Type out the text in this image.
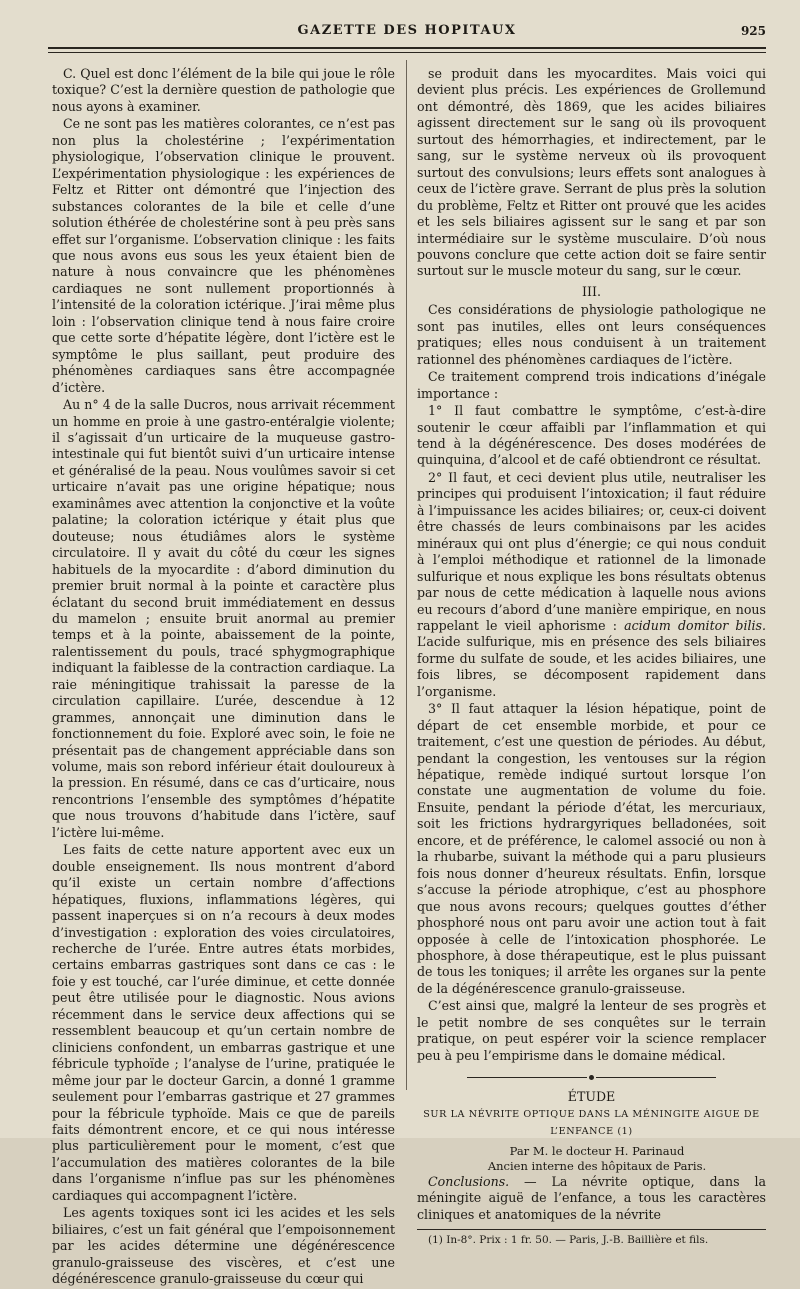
GAZETTE DES HOPITAUX	925

C. Quel est donc l’élément de la bile qui joue le rôle toxique? C’est la dernière question de pathologie que nous ayons à examiner.

Ce ne sont pas les matières colorantes, ce n’est pas non plus la cholestérine ; l’expérimentation physiologique, l’observation clinique le prouvent. L’expérimentation physiologique : les expériences de Feltz et Ritter ont démontré que l’injection des substances colorantes de la bile et celle d’une solution éthérée de cholestérine sont à peu près sans effet sur l’organisme. L’observation clinique : les faits que nous avons eus sous les yeux étaient bien de nature à nous convaincre que les phénomènes cardiaques ne sont nullement proportionnés à l’intensité de la coloration ictérique. J’irai même plus loin : l’observation clinique tend à nous faire croire que cette sorte d’hépatite légère, dont l’ictère est le symptôme le plus saillant, peut produire des phénomènes cardiaques sans être accompagnée d’ictère.

Au n° 4 de la salle Ducros, nous arrivait récemment un homme en proie à une gastro-entéralgie violente; il s’agissait d’un urticaire de la muqueuse gastro-intestinale qui fut bientôt suivi d’un urticaire intense et généralisé de la peau. Nous voulûmes savoir si cet urticaire n’avait pas une origine hépatique; nous examinâmes avec attention la conjonctive et la voûte palatine; la coloration ictérique y était plus que douteuse; nous étudiâmes alors le système circulatoire. Il y avait du côté du cœur les signes habituels de la myocardite : d’abord diminution du premier bruit normal à la pointe et caractère plus éclatant du second bruit immédiatement en dessus du mamelon ; ensuite bruit anormal au premier temps et à la pointe, abaissement de la pointe, ralentissement du pouls, tracé sphygmographique indiquant la faiblesse de la contraction cardiaque. La raie méningitique trahissait la paresse de la circulation capillaire. L’urée, descendue à 12 grammes, annonçait une diminution dans le fonctionnement du foie. Exploré avec soin, le foie ne présentait pas de changement appréciable dans son volume, mais son rebord inférieur était douloureux à la pression. En résumé, dans ce cas d’urticaire, nous rencontrions l’ensemble des symptômes d’hépatite que nous trouvons d’habitude dans l’ictère, sauf l’ictère lui-même.

Les faits de cette nature apportent avec eux un double enseignement. Ils nous montrent d’abord qu’il existe un certain nombre d’affections hépatiques, fluxions, inflammations légères, qui passent inaperçues si on n’a recours à deux modes d’investigation : exploration des voies circulatoires, recherche de l’urée. Entre autres états morbides, certains embarras gastriques sont dans ce cas : le foie y est touché, car l’urée diminue, et cette donnée peut être utilisée pour le diagnostic. Nous avions récemment dans le service deux affections qui se ressemblent beaucoup et qu’un certain nombre de cliniciens confondent, un embarras gastrique et une fébricule typhoïde ; l’analyse de l’urine, pratiquée le même jour par le docteur Garcin, a donné 1 gramme seulement pour l’embarras gastrique et 27 grammes pour la fébricule typhoïde. Mais ce que de pareils faits démontrent encore, et ce qui nous intéresse plus particulièrement pour le moment, c’est que l’accumulation des matières colorantes de la bile dans l’organisme n’influe pas sur les phénomènes cardiaques qui accompagnent l’ictère.

Les agents toxiques sont ici les acides et les sels biliaires, c’est un fait général que l’empoisonnement par les acides détermine une dégénérescence granulo-graisseuse des viscères, et c’est une dégénérescence granulo-graisseuse du cœur qui

se produit dans les myocardites. Mais voici qui devient plus précis. Les expériences de Grollemund ont démontré, dès 1869, que les acides biliaires agissent directement sur le sang où ils provoquent surtout des hémorrhagies, et indirectement, par le sang, sur le système nerveux où ils provoquent surtout des convulsions; leurs effets sont analogues à ceux de l’ictère grave. Serrant de plus près la solution du problème, Feltz et Ritter ont prouvé que les acides et les sels biliaires agissent sur le sang et par son intermédiaire sur le système musculaire. D’où nous pouvons conclure que cette action doit se faire sentir surtout sur le muscle moteur du sang, sur le cœur.

III.

Ces considérations de physiologie pathologique ne sont pas inutiles, elles ont leurs conséquences pratiques; elles nous conduisent à un traitement rationnel des phénomènes cardiaques de l’ictère.

Ce traitement comprend trois indications d’inégale importance :

1° Il faut combattre le symptôme, c’est-à-dire soutenir le cœur affaibli par l’inflammation et qui tend à la dégénérescence. Des doses modérées de quinquina, d’alcool et de café obtiendront ce résultat.

2° Il faut, et ceci devient plus utile, neutraliser les principes qui produisent l’intoxication; il faut réduire à l’impuissance les acides biliaires; or, ceux-ci doivent être chassés de leurs combinaisons par les acides minéraux qui ont plus d’énergie; ce qui nous conduit à l’emploi méthodique et rationnel de la limonade sulfurique et nous explique les bons résultats obtenus par nous de cette médication à laquelle nous avions eu recours d’abord d’une manière empirique, en nous rappelant le vieil aphorisme : acidum domitor bilis. L’acide sulfurique, mis en présence des sels biliaires forme du sulfate de soude, et les acides biliaires, une fois libres, se décomposent rapidement dans l’organisme.

3° Il faut attaquer la lésion hépatique, point de départ de cet ensemble morbide, et pour ce traitement, c’est une question de périodes. Au début, pendant la congestion, les ventouses sur la région hépatique, remède indiqué surtout lorsque l’on constate une augmentation de volume du foie. Ensuite, pendant la période d’état, les mercuriaux, soit les frictions hydrargyriques belladonées, soit encore, et de préférence, le calomel associé ou non à la rhubarbe, suivant la méthode qui a paru plusieurs fois nous donner d’heureux résultats. Enfin, lorsque s’accuse la période atrophique, c’est au phosphore que nous avons recours; quelques gouttes d’éther phosphoré nous ont paru avoir une action tout à fait opposée à celle de l’intoxication phosphorée. Le phosphore, à dose thérapeutique, est le plus puissant de tous les toniques; il arrête les organes sur la pente de la dégénérescence granulo-graisseuse.

C’est ainsi que, malgré la lenteur de ses progrès et le petit nombre de ses conquêtes sur le terrain pratique, on peut espérer voir la science remplacer peu à peu l’empirisme dans le domaine médical.

ÉTUDE
SUR LA NÉVRITE OPTIQUE DANS LA MÉNINGITE AIGUE DE L’ENFANCE (1)

Par M. le docteur H. Parinaud

Ancien interne des hôpitaux de Paris.

Conclusions. — La névrite optique, dans la méningite aiguë de l’enfance, a tous les caractères cliniques et anatomiques de la névrite

(1) In-8°. Prix : 1 fr. 50. — Paris, J.-B. Baillière et fils.
